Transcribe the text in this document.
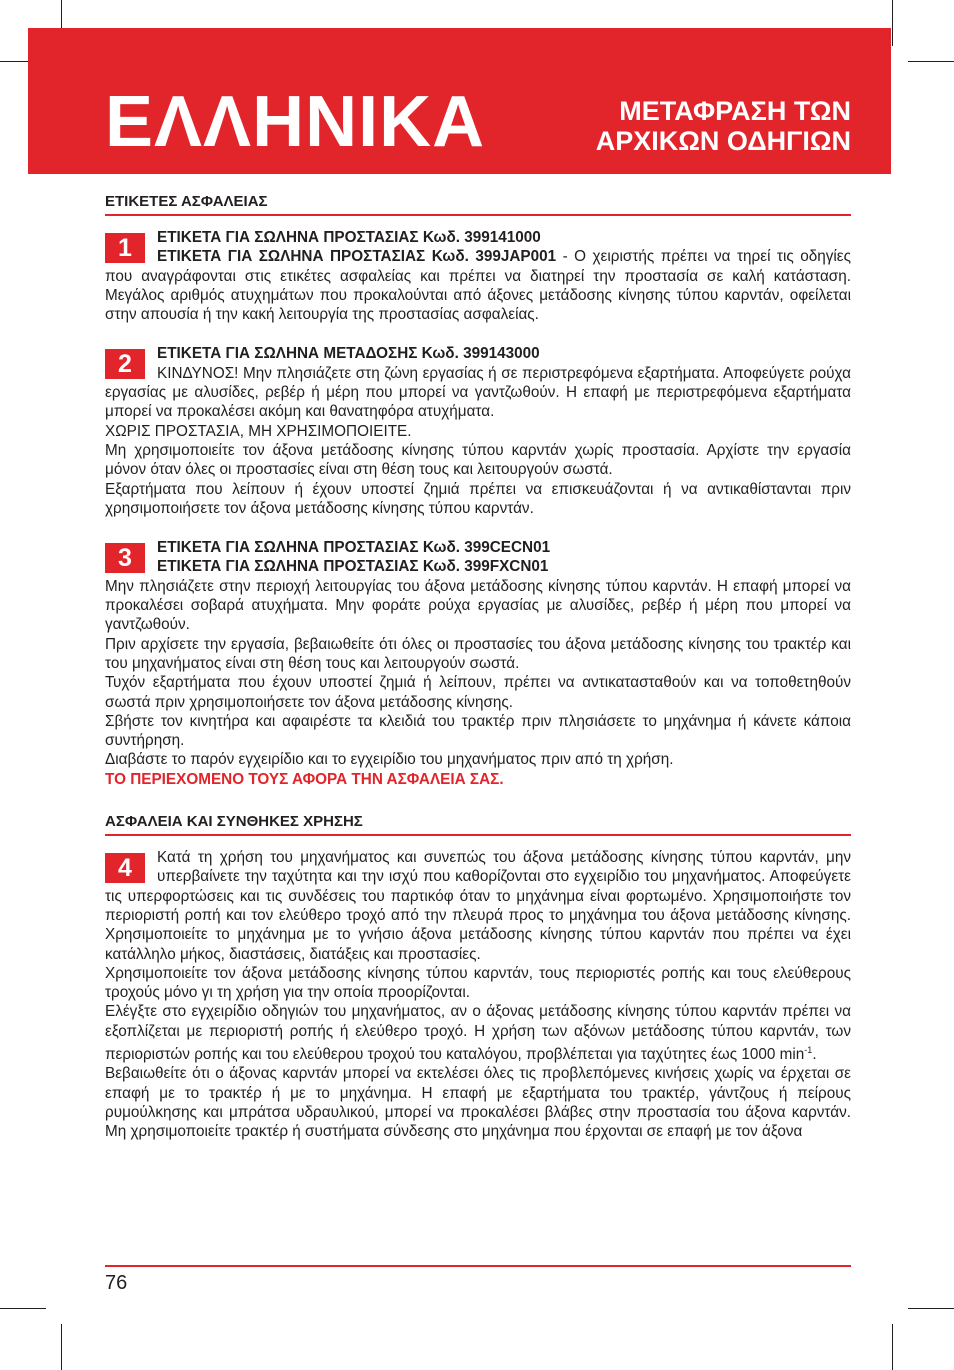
ΕΛΛΗΝΙΚΑ	ΜΕΤΑΦΡΑΣΗ ΤΩΝ
ΑΡΧΙΚΩΝ ΟΔΗΓΙΩΝ
ΕΤΙΚΕΤΕΣ ΑΣΦΑΛΕΙΑΣ
1	ΕΤΙΚΕΤΑ ΓΙΑ ΣΩΛΗΝΑ ΠΡΟΣΤΑΣΙΑΣ Κωδ. 399141000

ΕΤΙΚΕΤΑ ΓΙΑ ΣΩΛΗΝΑ ΠΡΟΣΤΑΣΙΑΣ Κωδ. 399JAP001 - Ο χειριστής πρέπει να τηρεί τις οδηγίες που αναγράφονται στις ετικέτες ασφαλείας και πρέπει να διατηρεί την προστασία σε καλή κατάσταση. Μεγάλος αριθμός ατυχημάτων που προκαλούνται από άξονες μετάδοσης κίνησης τύπου καρντάν, οφείλεται στην απουσία ή την κακή λειτουργία της προστασίας ασφαλείας.

2	ΕΤΙΚΕΤΑ ΓΙΑ ΣΩΛΗΝΑ ΜΕΤΑΔΟΣΗΣ Κωδ. 399143000

ΚΙΝΔΥΝΟΣ! Μην πλησιάζετε στη ζώνη εργασίας ή σε περιστρεφόμενα εξαρτήματα. Αποφεύγετε ρούχα εργασίας με αλυσίδες, ρεβέρ ή μέρη που μπορεί να γαντζωθούν. Η επαφή με περιστρεφόμενα εξαρτήματα μπορεί να προκαλέσει ακόμη και θανατηφόρα ατυχήματα.

ΧΩΡΙΣ ΠΡΟΣΤΑΣΙΑ, ΜΗ ΧΡΗΣΙΜΟΠΟΙΕΙΤΕ.

Μη χρησιμοποιείτε τον άξονα μετάδοσης κίνησης τύπου καρντάν χωρίς προστασία. Αρχίστε την εργασία μόνον όταν όλες οι προστασίες είναι στη θέση τους και λειτουργούν σωστά.

Εξαρτήματα που λείπουν ή έχουν υποστεί ζημιά πρέπει να επισκευάζονται ή να αντικαθίστανται πριν χρησιμοποιήσετε τον άξονα μετάδοσης κίνησης τύπου καρντάν.

3	ΕΤΙΚΕΤΑ ΓΙΑ ΣΩΛΗΝΑ ΠΡΟΣΤΑΣΙΑΣ Κωδ. 399CECN01

ΕΤΙΚΕΤΑ ΓΙΑ ΣΩΛΗΝΑ ΠΡΟΣΤΑΣΙΑΣ Κωδ. 399FXCN01

Μην πλησιάζετε στην περιοχή λειτουργίας του άξονα μετάδοσης κίνησης τύπου καρντάν. Η επαφή μπορεί να προκαλέσει σοβαρά ατυχήματα. Μην φοράτε ρούχα εργασίας με αλυσίδες, ρεβέρ ή μέρη που μπορεί να γαντζωθούν.

Πριν αρχίσετε την εργασία, βεβαιωθείτε ότι όλες οι προστασίες του άξονα μετάδοσης κίνησης του τρακτέρ και του μηχανήματος είναι στη θέση τους και λειτουργούν σωστά.

Τυχόν εξαρτήματα που έχουν υποστεί ζημιά ή λείπουν, πρέπει να αντικατασταθούν και να τοποθετηθούν σωστά πριν χρησιμοποιήσετε τον άξονα μετάδοσης κίνησης.

Σβήστε τον κινητήρα και αφαιρέστε τα κλειδιά του τρακτέρ πριν πλησιάσετε το μηχάνημα ή κάνετε κάποια συντήρηση.

Διαβάστε το παρόν εγχειρίδιο και το εγχειρίδιο του μηχανήματος πριν από τη χρήση.

ΤΟ ΠΕΡΙΕΧΟΜΕΝΟ ΤΟΥΣ ΑΦΟΡΑ ΤΗΝ ΑΣΦΑΛΕΙΑ ΣΑΣ.

ΑΣΦΑΛΕΙΑ ΚΑΙ ΣΥΝΘΗΚΕΣ ΧΡΗΣΗΣ
4	Κατά τη χρήση του μηχανήματος και συνεπώς του άξονα μετάδοσης κίνησης τύπου καρντάν, μην υπερβαίνετε την ταχύτητα και την ισχύ που καθορίζονται στο εγχειρίδιο του μηχανήματος. Αποφεύγετε τις υπερφορτώσεις και τις συνδέσεις του παρτικόφ όταν το μηχάνημα είναι φορτωμένο. Χρησιμοποιήστε τον περιοριστή ροπή και τον ελεύθερο τροχό από την πλευρά προς το μηχάνημα του άξονα μετάδοσης κίνησης. Χρησιμοποιείτε το μηχάνημα με το γνήσιο άξονα μετάδοσης κίνησης τύπου καρντάν που πρέπει να έχει κατάλληλο μήκος, διαστάσεις, διατάξεις και προστασίες.

Χρησιμοποιείτε τον άξονα μετάδοσης κίνησης τύπου καρντάν, τους περιοριστές ροπής και τους ελεύθερους τροχούς μόνο γι τη χρήση για την οποία προορίζονται.

Ελέγξτε στο εγχειρίδιο οδηγιών του μηχανήματος, αν ο άξονας μετάδοσης κίνησης τύπου καρντάν πρέπει να εξοπλίζεται με περιοριστή ροπής ή ελεύθερο τροχό. Η χρήση των αξόνων μετάδοσης τύπου καρντάν, των περιοριστών ροπής και του ελεύθερου τροχού του καταλόγου, προβλέπεται για ταχύτητες έως 1000 $\min^{-1}$.

Βεβαιωθείτε ότι ο άξονας καρντάν μπορεί να εκτελέσει όλες τις προβλεπόμενες κινήσεις χωρίς να έρχεται σε επαφή με το τρακτέρ ή με το μηχάνημα. Η επαφή με εξαρτήματα του τρακτέρ, γάντζους ή πείρους ρυμούλκησης και μπράτσα υδραυλικού, μπορεί να προκαλέσει βλάβες στην προστασία του άξονα καρντάν. Μη χρησιμοποιείτε τρακτέρ ή συστήματα σύνδεσης στο μηχάνημα που έρχονται σε επαφή με τον άξονα

76
